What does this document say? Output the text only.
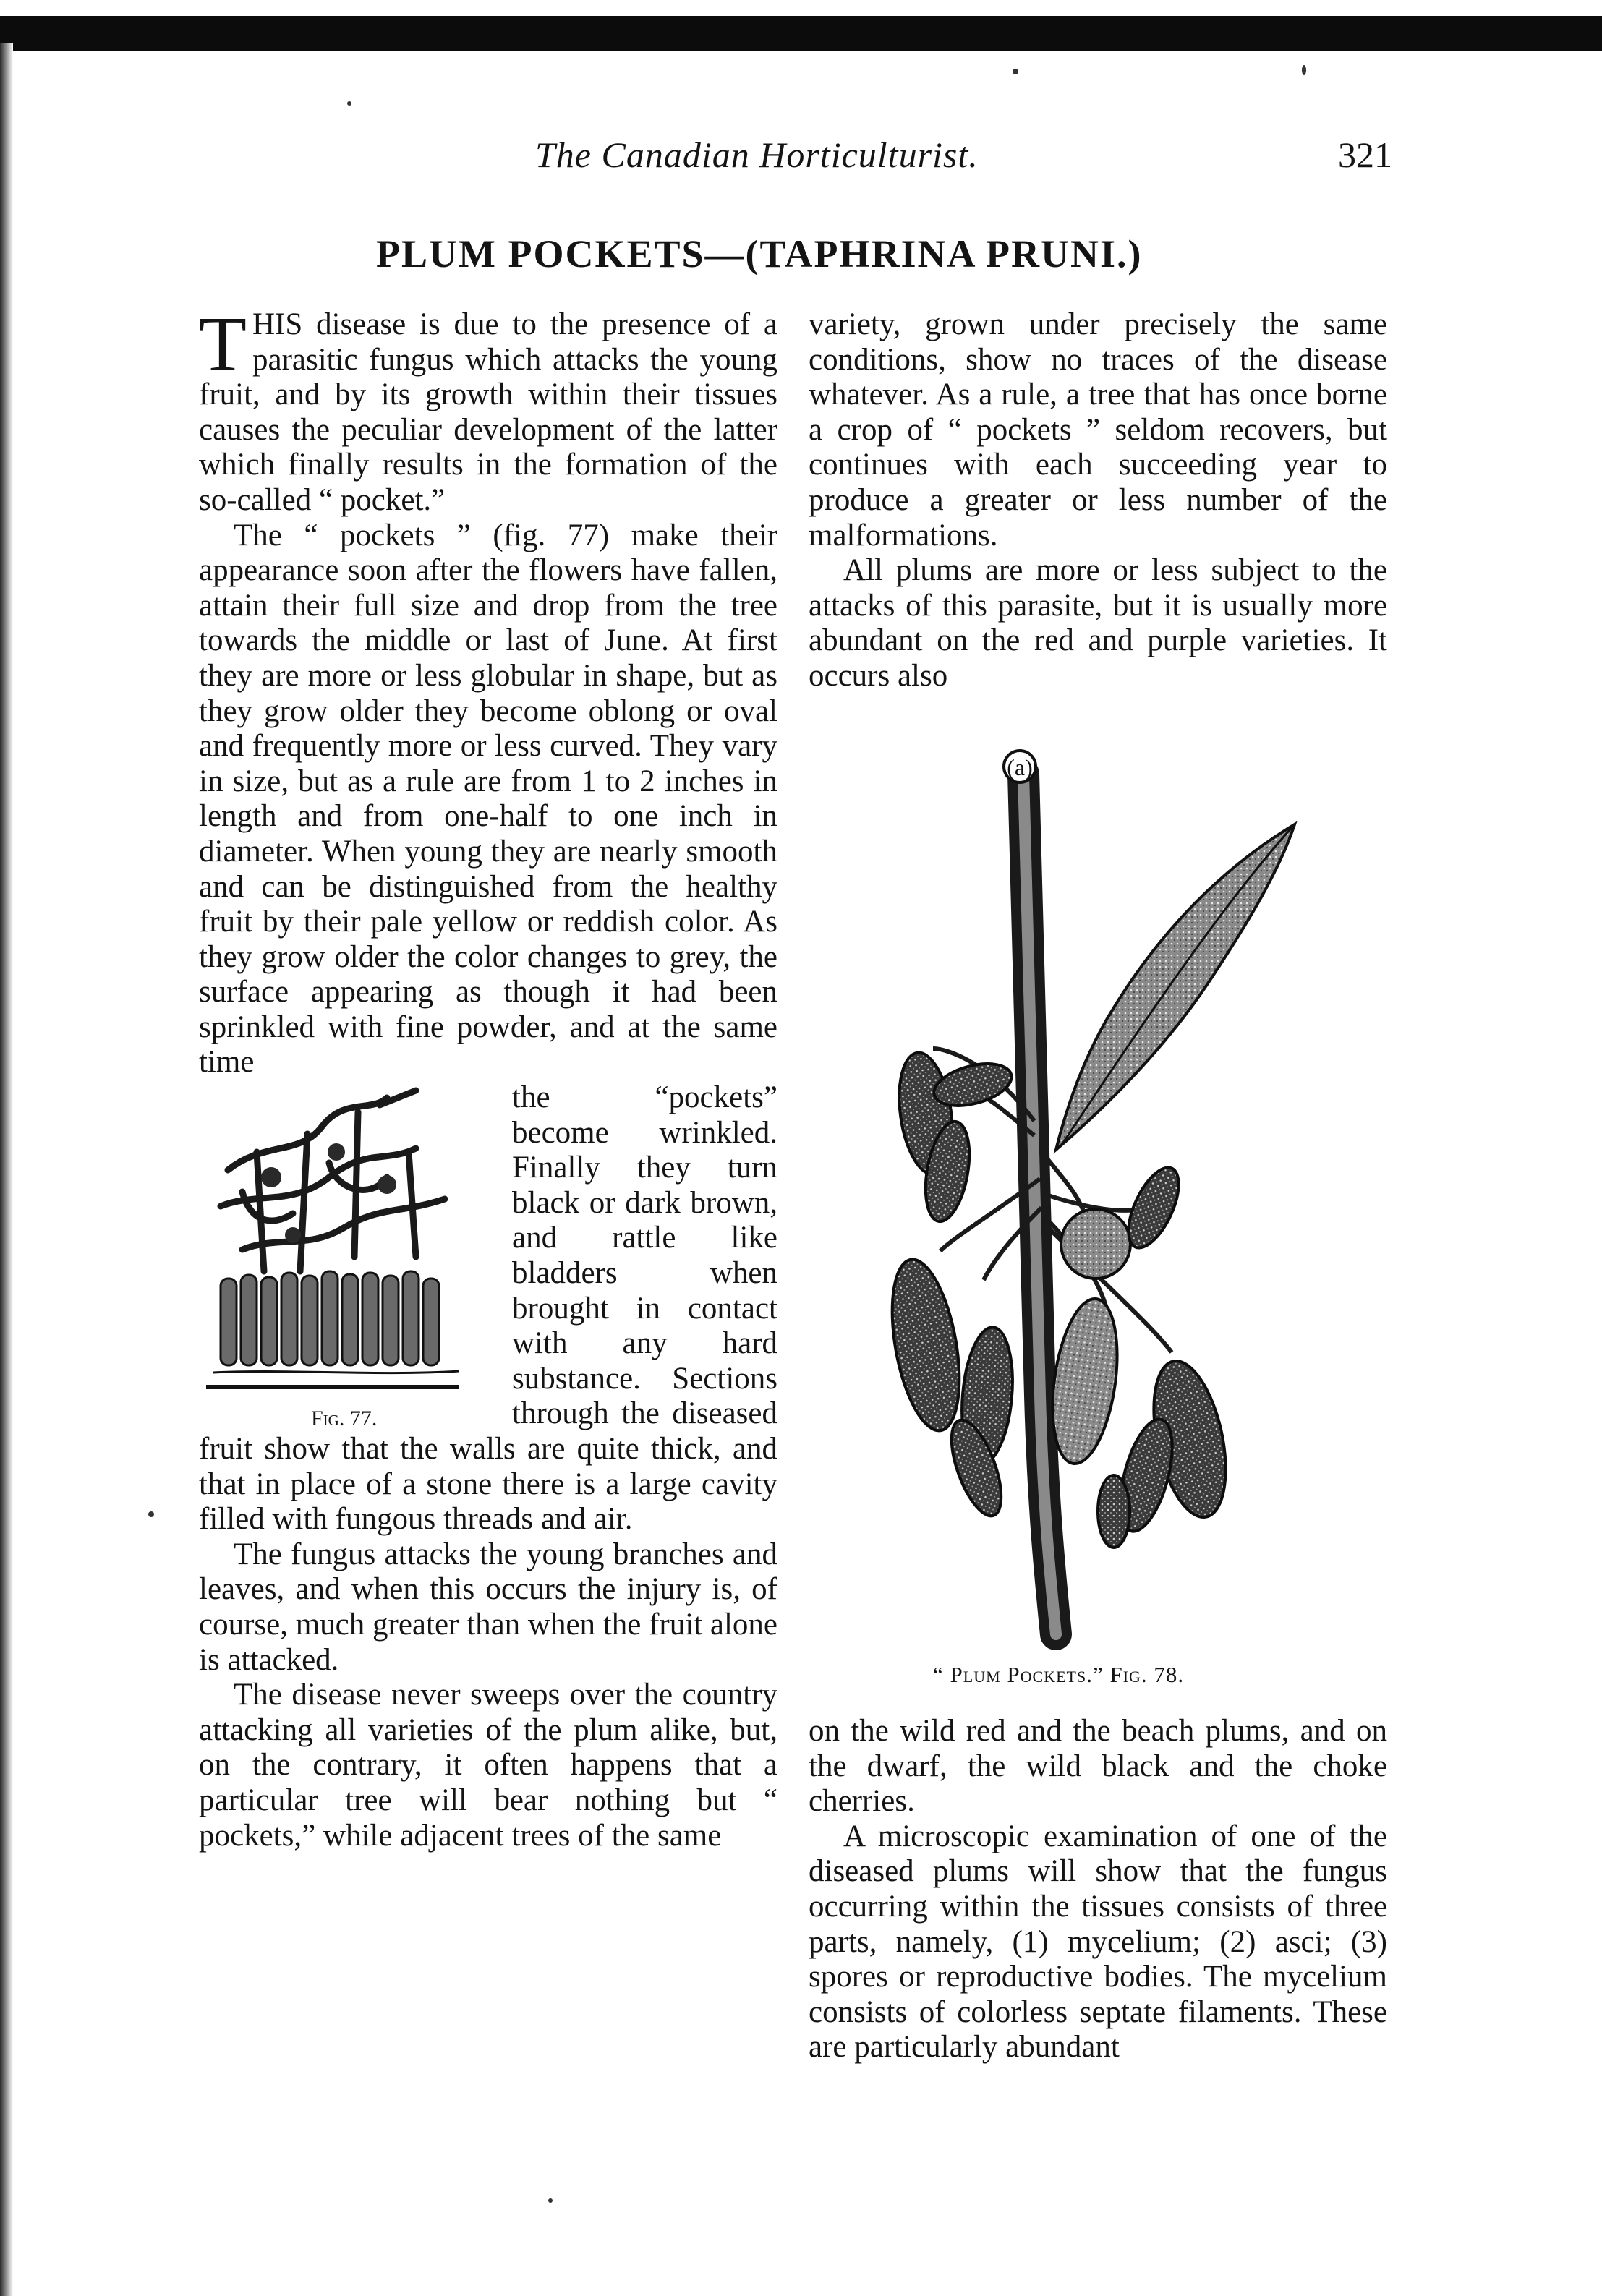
The Canadian Horticulturist.	321
PLUM POCKETS—(TAPHRINA PRUNI.)

THIS disease is due to the presence of a parasitic fungus which attacks the young fruit, and by its growth within their tissues causes the peculiar development of the latter which finally results in the formation of the so-called “ pocket.”

The “ pockets ” (fig. 77) make their appearance soon after the flowers have fallen, attain their full size and drop from the tree towards the middle or last of June. At first they are more or less globular in shape, but as they grow older they become oblong or oval and frequently more or less curved. They vary in size, but as a rule are from 1 to 2 inches in length and from one-half to one inch in diameter. When young they are nearly smooth and can be distinguished from the healthy fruit by their pale yellow or reddish color. As they grow older the color changes to grey, the surface appearing as though it had been sprinkled with fine powder, and at the same time

Fig. 77.

the “pockets” become wrinkled. Finally they turn black or dark brown, and rattle like bladders when brought in contact with any hard substance. Sections through the diseased fruit show that the walls are quite thick, and that in place of a stone there is a large cavity filled with fungous threads and air.

The fungus attacks the young branches and leaves, and when this occurs the injury is, of course, much greater than when the fruit alone is attacked.

The disease never sweeps over the country attacking all varieties of the plum alike, but, on the contrary, it often happens that a particular tree will bear nothing but “ pockets,” while adjacent trees of the same

variety, grown under precisely the same conditions, show no traces of the disease whatever. As a rule, a tree that has once borne a crop of “ pockets ” seldom recovers, but continues with each succeeding year to produce a greater or less number of the malformations.

All plums are more or less subject to the attacks of this parasite, but it is usually more abundant on the red and purple varieties. It occurs also

(a)
“ Plum Pockets.” Fig. 78.

on the wild red and the beach plums, and on the dwarf, the wild black and the choke cherries.

A microscopic examination of one of the diseased plums will show that the fungus occurring within the tissues consists of three parts, namely, (1) mycelium; (2) asci; (3) spores or reproductive bodies. The mycelium consists of colorless septate filaments. These are particularly abundant
